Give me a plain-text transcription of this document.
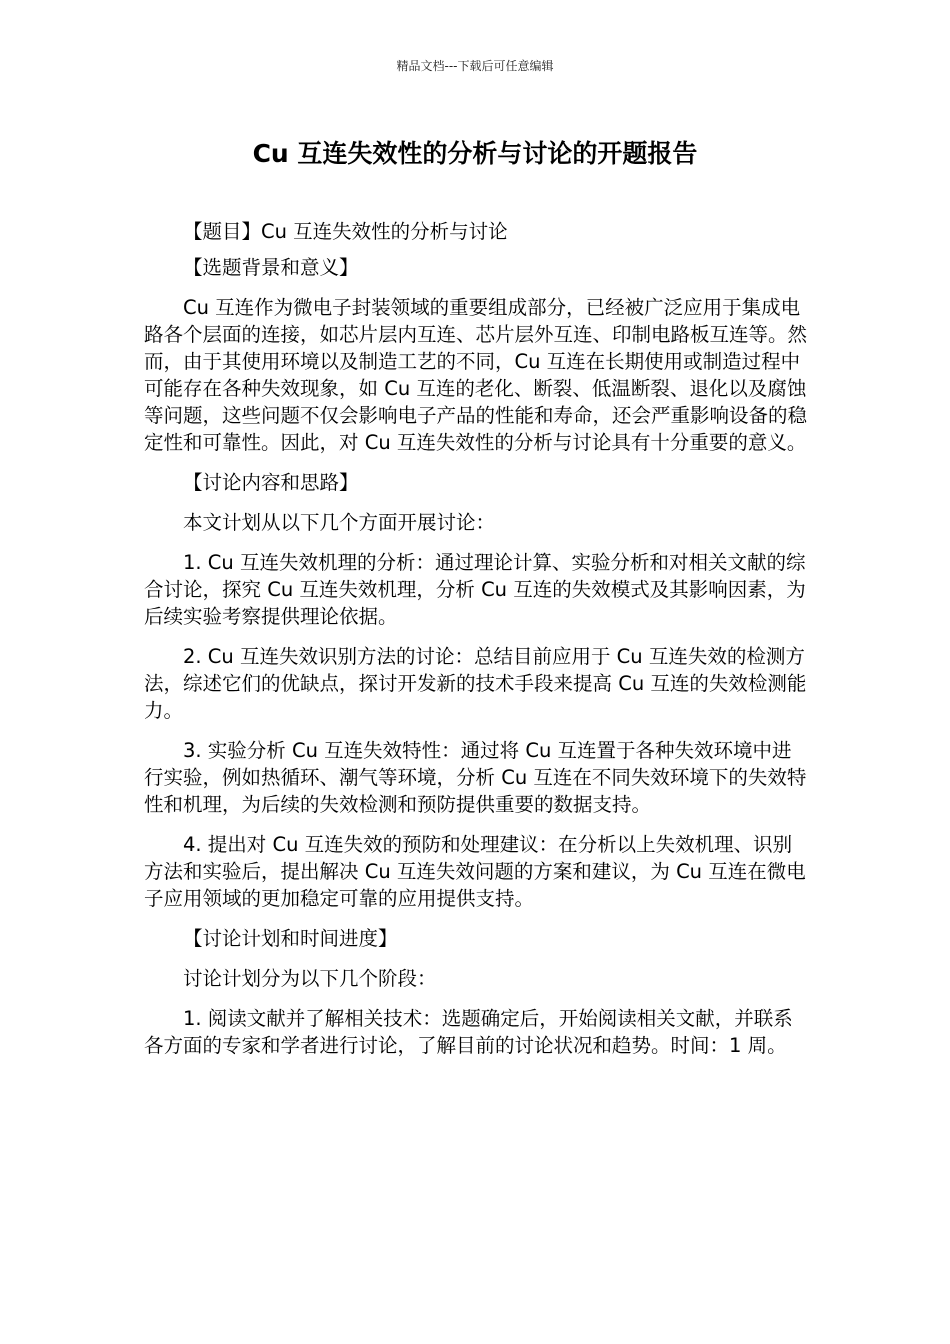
精品文档---下载后可任意编辑
Cu 互连失效性的分析与讨论的开题报告

【题目】Cu 互连失效性的分析与讨论

【选题背景和意义】

Cu 互连作为微电子封装领域的重要组成部分，已经被广泛应用于集成电路各个层面的连接，如芯片层内互连、芯片层外互连、印制电路板互连等。然而，由于其使用环境以及制造工艺的不同，Cu 互连在长期使用或制造过程中可能存在各种失效现象，如 Cu 互连的老化、断裂、低温断裂、退化以及腐蚀等问题，这些问题不仅会影响电子产品的性能和寿命，还会严重影响设备的稳定性和可靠性。因此，对 Cu 互连失效性的分析与讨论具有十分重要的意义。

【讨论内容和思路】

本文计划从以下几个方面开展讨论：

1. Cu 互连失效机理的分析：通过理论计算、实验分析和对相关文献的综合讨论，探究 Cu 互连失效机理，分析 Cu 互连的失效模式及其影响因素，为后续实验考察提供理论依据。

2. Cu 互连失效识别方法的讨论：总结目前应用于 Cu 互连失效的检测方法，综述它们的优缺点，探讨开发新的技术手段来提高 Cu 互连的失效检测能力。

3. 实验分析 Cu 互连失效特性：通过将 Cu 互连置于各种失效环境中进行实验，例如热循环、潮气等环境，分析 Cu 互连在不同失效环境下的失效特性和机理，为后续的失效检测和预防提供重要的数据支持。

4. 提出对 Cu 互连失效的预防和处理建议：在分析以上失效机理、识别方法和实验后，提出解决 Cu 互连失效问题的方案和建议，为 Cu 互连在微电子应用领域的更加稳定可靠的应用提供支持。

【讨论计划和时间进度】

讨论计划分为以下几个阶段：

1. 阅读文献并了解相关技术：选题确定后，开始阅读相关文献，并联系各方面的专家和学者进行讨论，了解目前的讨论状况和趋势。时间：1 周。
